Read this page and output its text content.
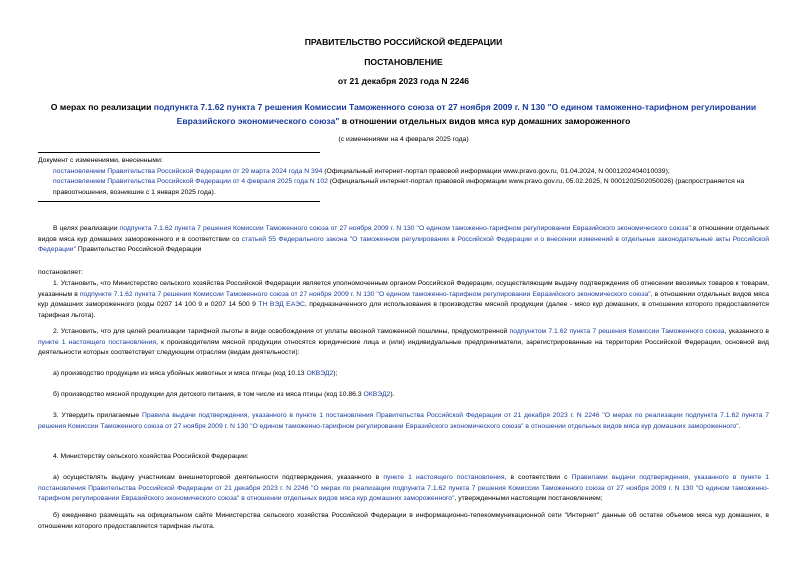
ПРАВИТЕЛЬСТВО РОССИЙСКОЙ ФЕДЕРАЦИИ
ПОСТАНОВЛЕНИЕ
от 21 декабря 2023 года N 2246
О мерах по реализации подпункта 7.1.62 пункта 7 решения Комиссии Таможенного союза от 27 ноября 2009 г. N 130 "О едином таможенно-тарифном регулировании Евразийского экономического союза" в отношении отдельных видов мяса кур домашних замороженного
(с изменениями на 4 февраля 2025 года)

Документ с изменениями, внесенными:

постановлением Правительства Российской Федерации от 29 марта 2024 года N 394 (Официальный интернет-портал правовой информации www.pravo.gov.ru, 01.04.2024, N 0001202404010039);

постановлением Правительства Российской Федерации от 4 февраля 2025 года N 102 (Официальный интернет-портал правовой информации www.pravo.gov.ru, 05.02.2025, N 0001202502050026) (распространяется на правоотношения, возникшие с 1 января 2025 года).

В целях реализации подпункта 7.1.62 пункта 7 решения Комиссии Таможенного союза от 27 ноября 2009 г. N 130 "О едином таможенно-тарифном регулировании Евразийского экономического союза" в отношении отдельных видов мяса кур домашних замороженного и в соответствии со статьей 55 Федерального закона "О таможенном регулировании в Российской Федерации и о внесении изменений в отдельные законодательные акты Российской Федерации" Правительство Российской Федерации

постановляет:

1. Установить, что Министерство сельского хозяйства Российской Федерации является уполномоченным органом Российской Федерации, осуществляющим выдачу подтверждения об отнесении ввозимых товаров к товарам, указанным в подпункте 7.1.62 пункта 7 решения Комиссии Таможенного союза от 27 ноября 2009 г. N 130 "О едином таможенно-тарифном регулировании Евразийского экономического союза", в отношении отдельных видов мяса кур домашних замороженного (коды 0207 14 100 9 и 0207 14 500 9 ТН ВЭД ЕАЭС, предназначенного для использования в производстве мясной продукции (далее - мясо кур домашних, в отношении которого предоставляется тарифная льгота).

2. Установить, что для целей реализации тарифной льготы в виде освобождения от уплаты ввозной таможенной пошлины, предусмотренной подпунктом 7.1.62 пункта 7 решения Комиссии Таможенного союза, указанного в пункте 1 настоящего постановления, к производителям мясной продукции относятся юридические лица и (или) индивидуальные предприниматели, зарегистрированные на территории Российской Федерации, основной вид деятельности которых соответствует следующим отраслям (видам деятельности):

а) производство продукции из мяса убойных животных и мяса птицы (код 10.13 ОКВЭД2);

б) производство мясной продукции для детского питания, в том числе из мяса птицы (код 10.86.3 ОКВЭД2).

3. Утвердить прилагаемые Правила выдачи подтверждения, указанного в пункте 1 постановления Правительства Российской Федерации от 21 декабря 2023 г. N 2246 "О мерах по реализации подпункта 7.1.62 пункта 7 решения Комиссии Таможенного союза от 27 ноября 2009 г. N 130 "О едином таможенно-тарифном регулировании Евразийского экономического союза" в отношении отдельных видов мяса кур домашних замороженного".

4. Министерству сельского хозяйства Российской Федерации:

а) осуществлять выдачу участникам внешнеторговой деятельности подтверждения, указанного в пункте 1 настоящего постановления, в соответствии с Правилами выдачи подтверждения, указанного в пункте 1 постановления Правительства Российской Федерации от 21 декабря 2023 г. N 2246 "О мерах по реализации подпункта 7.1.62 пункта 7 решения Комиссии Таможенного союза от 27 ноября 2009 г. N 130 "О едином таможенно-тарифном регулировании Евразийского экономического союза" в отношении отдельных видов мяса кур домашних замороженного", утвержденными настоящим постановлением;

б) ежедневно размещать на официальном сайте Министерства сельского хозяйства Российской Федерации в информационно-телекоммуникационной сети "Интернет" данные об остатке объемов мяса кур домашних, в отношении которого предоставляется тарифная льгота.
